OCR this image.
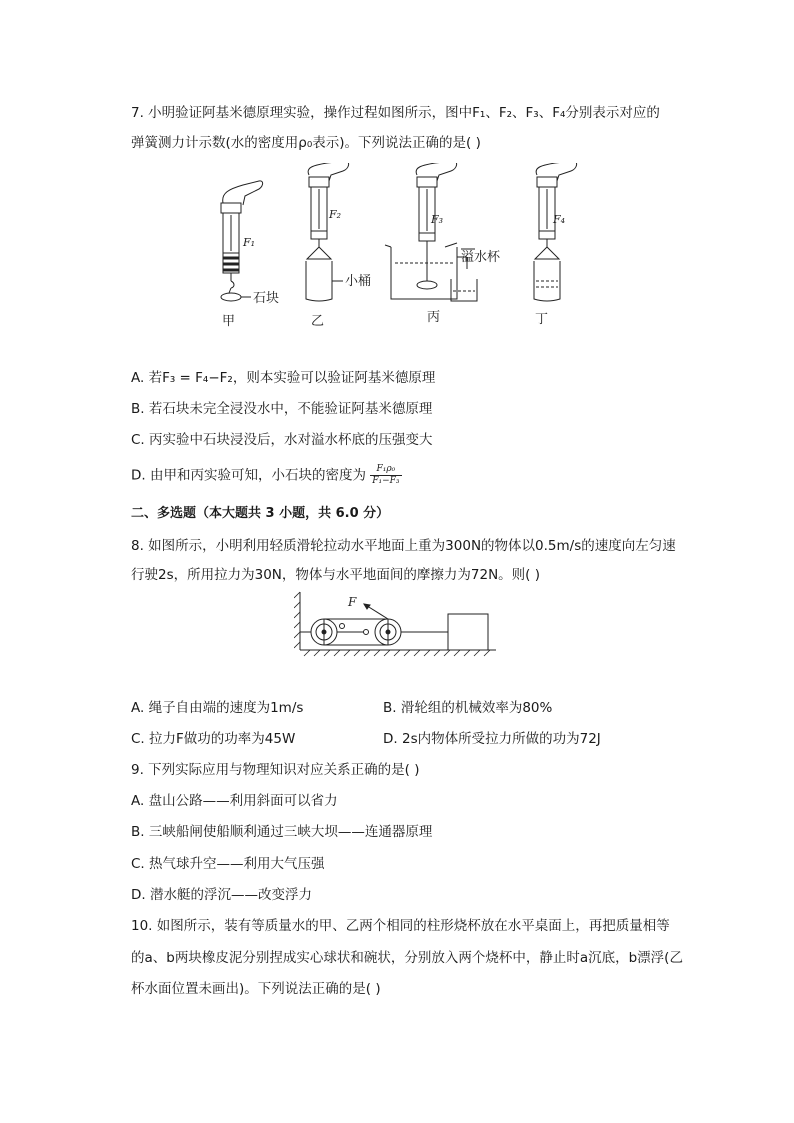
7. 小明验证阿基米德原理实验，操作过程如图所示，图中F₁、F₂、F₃、F₄分别表示对应的
弹簧测力计示数(水的密度用ρ₀表示)。下列说法正确的是( )
F₁
F₂	F₃	F₄
石块
小桶
溢水杯
甲	乙	丙	丁
A. 若F₃ = F₄−F₂，则本实验可以验证阿基米德原理
B. 若石块未完全浸没水中，不能验证阿基米德原理
C. 丙实验中石块浸没后，水对溢水杯底的压强变大
D. 由甲和丙实验可知，小石块的密度为 $\frac{\text{F₁ρ₀}}{\text{F₁−F₃}}$
二、多选题（本大题共 3 小题，共 6.0 分）
8. 如图所示，小明利用轻质滑轮拉动水平地面上重为300N的物体以0.5m/s的速度向左匀速
行驶2s，所用拉力为30N，物体与水平地面间的摩擦力为72N。则( )
F
A. 绳子自由端的速度为1m/s	B. 滑轮组的机械效率为80%
C. 拉力F做功的功率为45W	D. 2s内物体所受拉力所做的功为72J
9. 下列实际应用与物理知识对应关系正确的是( )
A. 盘山公路——利用斜面可以省力
B. 三峡船闸使船顺利通过三峡大坝——连通器原理
C. 热气球升空——利用大气压强
D. 潜水艇的浮沉——改变浮力
10. 如图所示，装有等质量水的甲、乙两个相同的柱形烧杯放在水平桌面上，再把质量相等
的a、b两块橡皮泥分别捏成实心球状和碗状，分别放入两个烧杯中，静止时a沉底，b漂浮(乙
杯水面位置未画出)。下列说法正确的是( )
